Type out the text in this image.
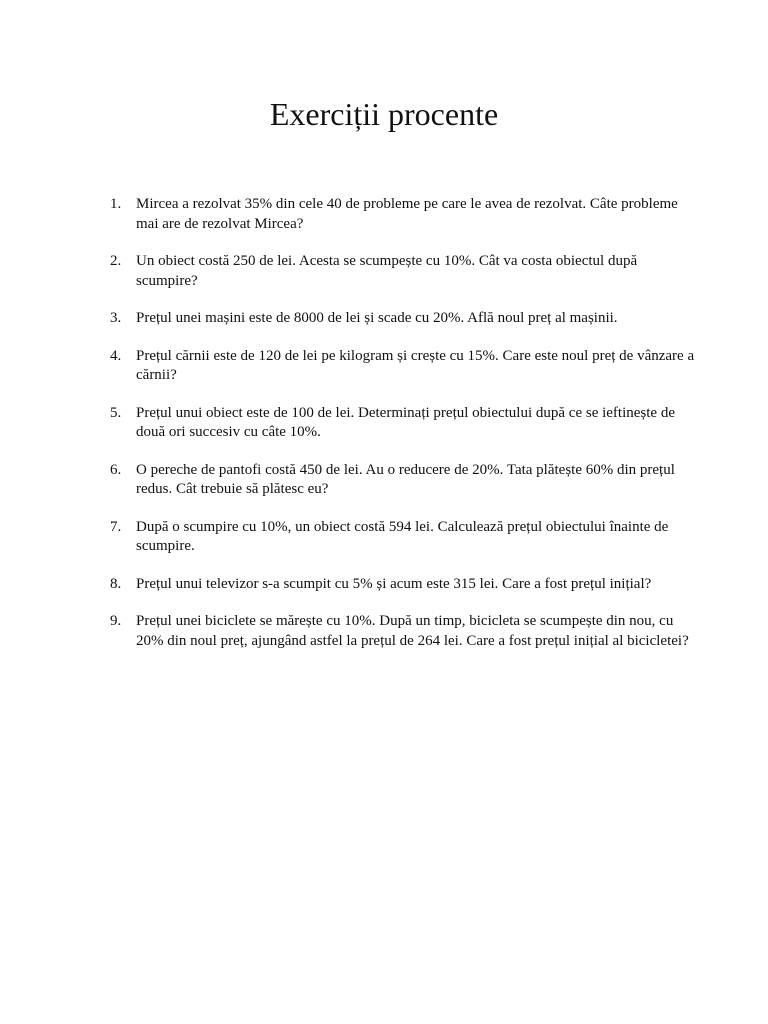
Exerciții procente
1. Mircea a rezolvat 35% din cele 40 de probleme pe care le avea de rezolvat. Câte probleme mai are de rezolvat Mircea?
2. Un obiect costă 250 de lei. Acesta se scumpește cu 10%. Cât va costa obiectul după scumpire?
3. Prețul unei mașini este de 8000 de lei și scade cu 20%. Află noul preț al mașinii.
4. Prețul cărnii este de 120 de lei pe kilogram și crește cu 15%. Care este noul preț de vânzare a cărnii?
5. Prețul unui obiect este de 100 de lei. Determinați prețul obiectului după ce se ieftinește de două ori succesiv cu câte 10%.
6. O pereche de pantofi costă 450 de lei. Au o reducere de 20%. Tata plătește 60% din prețul redus. Cât trebuie să plătesc eu?
7. După o scumpire cu 10%, un obiect costă 594 lei. Calculează prețul obiectului înainte de scumpire.
8. Prețul unui televizor s-a scumpit cu 5% și acum este 315 lei. Care a fost prețul inițial?
9. Prețul unei biciclete se mărește cu 10%. După un timp, bicicleta se scumpește din nou, cu 20% din noul preț, ajungând astfel la prețul de 264 lei. Care a fost prețul inițial al bicicletei?
